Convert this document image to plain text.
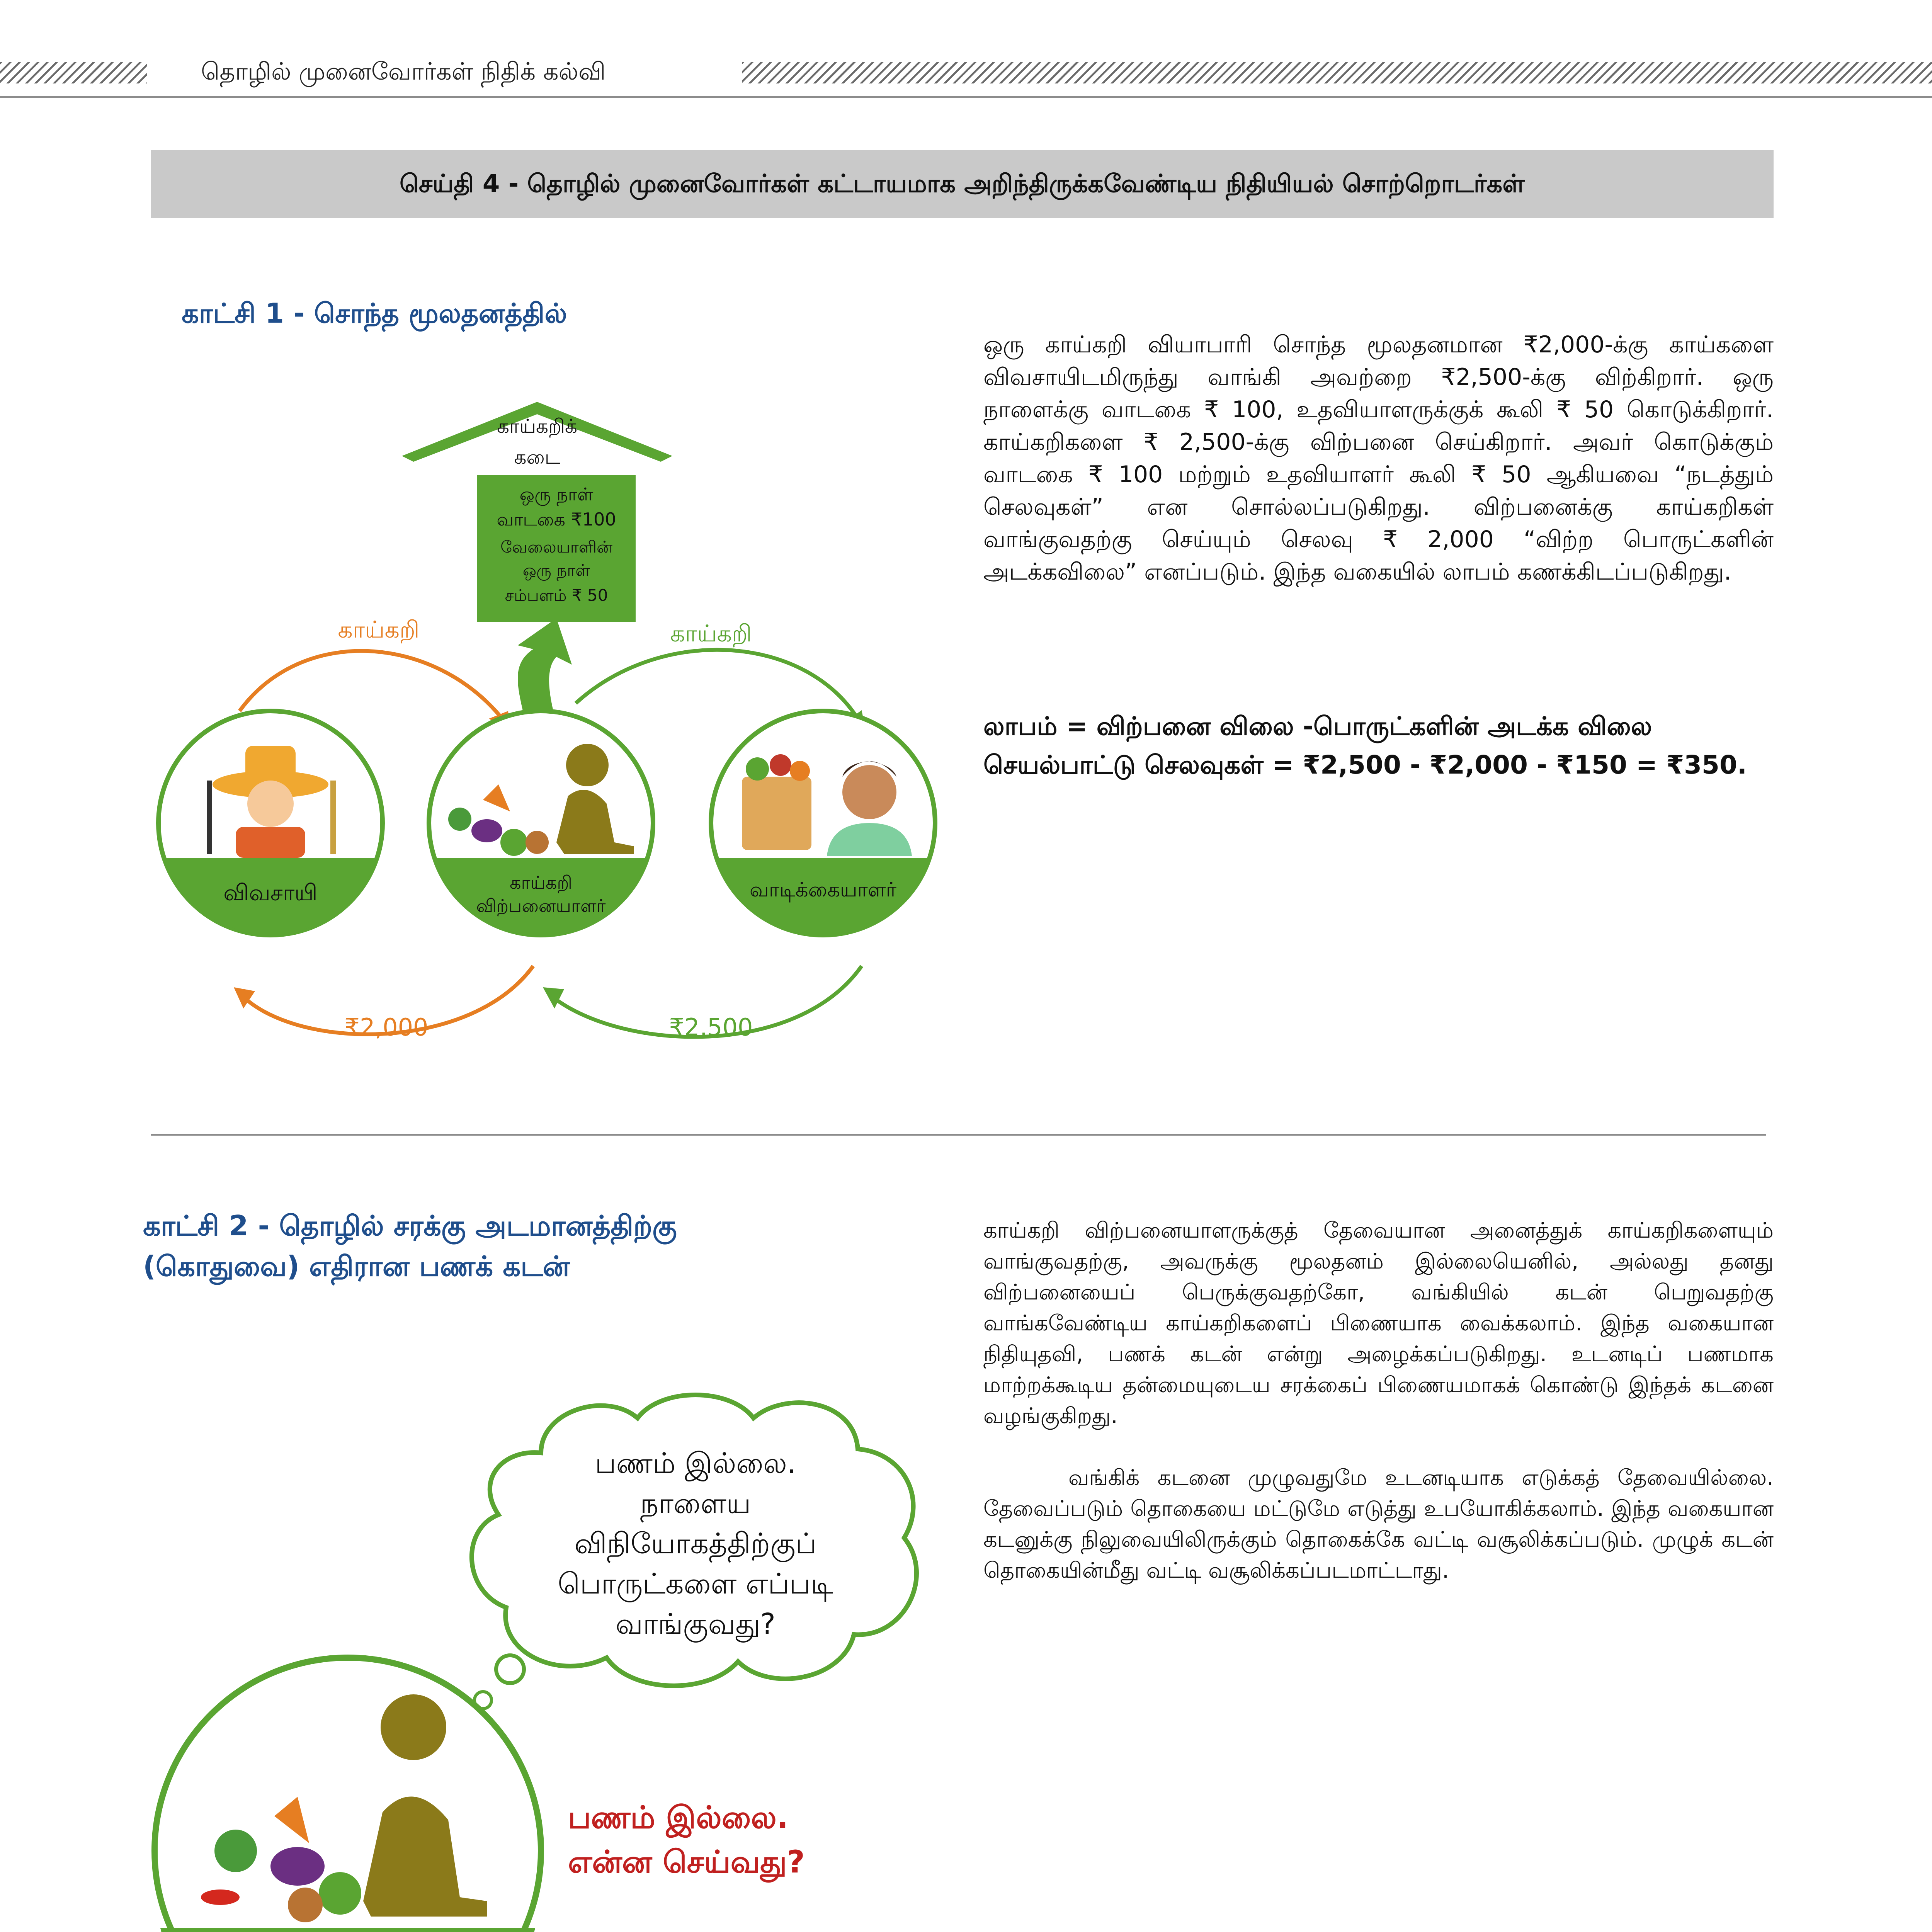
தொழில் முனைவோர்கள் நிதிக் கல்வி
செய்தி 4 - தொழில் முனைவோர்கள் கட்டாயமாக அறிந்திருக்கவேண்டிய நிதியியல் சொற்றொடர்கள்
காட்சி 1 - சொந்த மூலதனத்தில்
காய்கறிக்
கடை
ஒரு நாள்
வாடகை ₹100
வேலையாளின்
ஒரு நாள்
சம்பளம் ₹ 50
காய்கறி	காய்கறி
விவசாயி	காய்கறி
விற்பனையாளர்
வாடிக்கையாளர்
₹2,000	₹2,500
ஒரு காய்கறி வியாபாரி சொந்த மூலதனமான ₹2,000-க்கு காய்களை விவசாயிடமிருந்து வாங்கி அவற்றை ₹2,500-க்கு விற்கிறார். ஒரு நாளைக்கு வாடகை ₹ 100, உதவியாளருக்குக் கூலி ₹ 50 கொடுக்கிறார். காய்கறிகளை ₹ 2,500-க்கு விற்பனை செய்கிறார். அவர் கொடுக்கும் வாடகை ₹ 100 மற்றும் உதவியாளர் கூலி ₹ 50 ஆகியவை “நடத்தும் செலவுகள்” என சொல்லப்படுகிறது. விற்பனைக்கு காய்கறிகள் வாங்குவதற்கு செய்யும் செலவு ₹ 2,000 “விற்ற பொருட்களின் அடக்கவிலை” எனப்படும். இந்த வகையில் லாபம் கணக்கிடப்படுகிறது.
லாபம் = விற்பனை விலை -பொருட்களின் அடக்க விலை
செயல்பாட்டு செலவுகள் = ₹2,500 - ₹2,000 - ₹150 = ₹350.
காட்சி 2 - தொழில் சரக்கு அடமானத்திற்கு
(கொதுவை) எதிரான பணக் கடன்
காய்கறி விற்பனையாளருக்குத் தேவையான அனைத்துக் காய்கறிகளையும் வாங்குவதற்கு, அவருக்கு மூலதனம் இல்லையெனில், அல்லது தனது விற்பனையைப் பெருக்குவதற்கோ, வங்கியில் கடன் பெறுவதற்கு வாங்கவேண்டிய காய்கறிகளைப் பிணையாக வைக்கலாம். இந்த வகையான நிதியுதவி, பணக் கடன் என்று அழைக்கப்படுகிறது. உடனடிப் பணமாக மாற்றக்கூடிய தன்மையுடைய சரக்கைப் பிணையமாகக் கொண்டு இந்தக் கடனை வழங்குகிறது.
வங்கிக் கடனை முழுவதுமே உடனடியாக எடுக்கத் தேவையில்லை. தேவைப்படும் தொகையை மட்டுமே எடுத்து உபயோகிக்கலாம். இந்த வகையான கடனுக்கு நிலுவையிலிருக்கும் தொகைக்கே வட்டி வசூலிக்கப்படும். முழுக் கடன் தொகையின்மீது வட்டி வசூலிக்கப்படமாட்டாது.
பணம் இல்லை.
நாளைய
விநியோகத்திற்குப்
பொருட்களை எப்படி
வாங்குவது?
பணம் இல்லை.
என்ன செய்வது?
